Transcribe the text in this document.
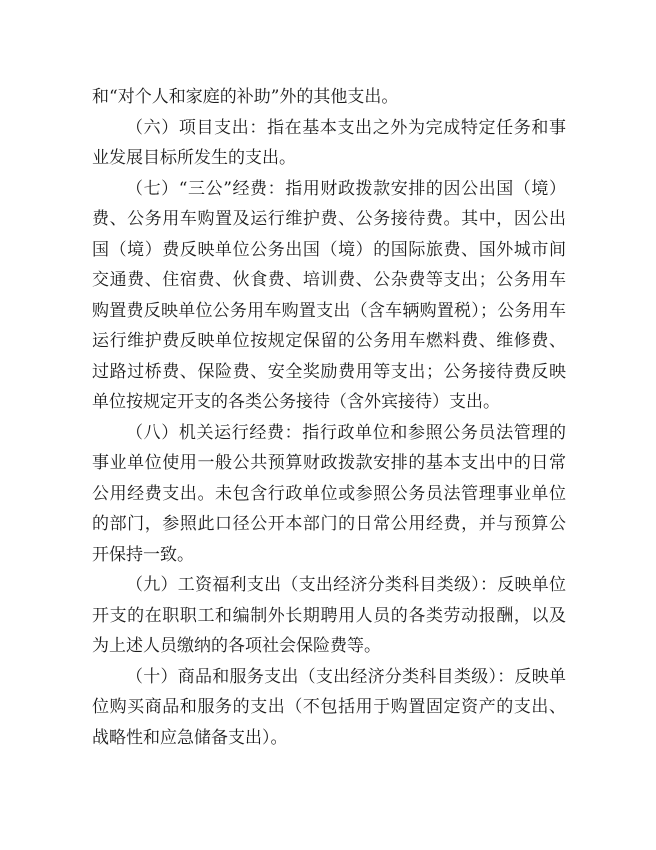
和“对个人和家庭的补助”外的其他支出。

（六）项目支出：指在基本支出之外为完成特定任务和事
业发展目标所发生的支出。

（七）“三公”经费：指用财政拨款安排的因公出国（境）
费、公务用车购置及运行维护费、公务接待费。其中，因公出
国（境）费反映单位公务出国（境）的国际旅费、国外城市间
交通费、住宿费、伙食费、培训费、公杂费等支出；公务用车
购置费反映单位公务用车购置支出（含车辆购置税）；公务用车
运行维护费反映单位按规定保留的公务用车燃料费、维修费、
过路过桥费、保险费、安全奖励费用等支出；公务接待费反映
单位按规定开支的各类公务接待（含外宾接待）支出。

（八）机关运行经费：指行政单位和参照公务员法管理的
事业单位使用一般公共预算财政拨款安排的基本支出中的日常
公用经费支出。未包含行政单位或参照公务员法管理事业单位
的部门，参照此口径公开本部门的日常公用经费，并与预算公
开保持一致。

（九）工资福利支出（支出经济分类科目类级）：反映单位
开支的在职职工和编制外长期聘用人员的各类劳动报酬，以及
为上述人员缴纳的各项社会保险费等。

（十）商品和服务支出（支出经济分类科目类级）：反映单
位购买商品和服务的支出（不包括用于购置固定资产的支出、
战略性和应急储备支出）。
